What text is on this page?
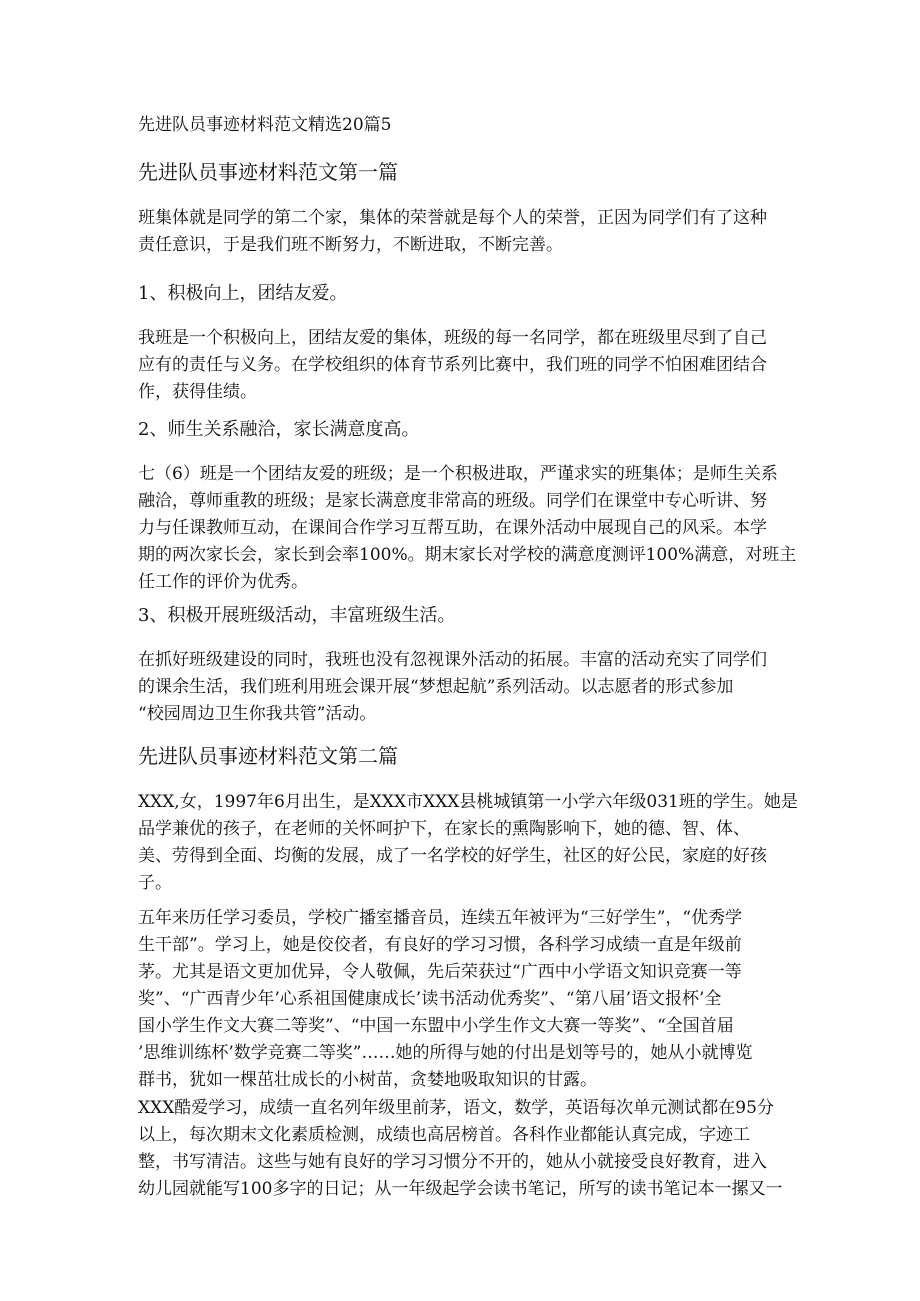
先进队员事迹材料范文精选20篇5
先进队员事迹材料范文第一篇
班集体就是同学的第二个家，集体的荣誉就是每个人的荣誉，正因为同学们有了这种
责任意识，于是我们班不断努力，不断进取，不断完善。
1、积极向上，团结友爱。
我班是一个积极向上，团结友爱的集体，班级的每一名同学，都在班级里尽到了自己
应有的责任与义务。在学校组织的体育节系列比赛中，我们班的同学不怕困难团结合
作，获得佳绩。
2、师生关系融洽，家长满意度高。
七（6）班是一个团结友爱的班级；是一个积极进取，严谨求实的班集体；是师生关系
融洽，尊师重教的班级；是家长满意度非常高的班级。同学们在课堂中专心听讲、努
力与任课教师互动，在课间合作学习互帮互助，在课外活动中展现自己的风采。本学
期的两次家长会，家长到会率100%。期末家长对学校的满意度测评100%满意，对班主
任工作的评价为优秀。
3、积极开展班级活动，丰富班级生活。
在抓好班级建设的同时，我班也没有忽视课外活动的拓展。丰富的活动充实了同学们
的课余生活，我们班利用班会课开展“梦想起航”系列活动。以志愿者的形式参加
“校园周边卫生你我共管”活动。
先进队员事迹材料范文第二篇
XXX,女，1997年6月出生，是XXX市XXX县桃城镇第一小学六年级031班的学生。她是
品学兼优的孩子，在老师的关怀呵护下，在家长的熏陶影响下，她的德、智、体、
美、劳得到全面、均衡的发展，成了一名学校的好学生，社区的好公民，家庭的好孩
子。
五年来历任学习委员，学校广播室播音员，连续五年被评为“三好学生”，“优秀学
生干部”。学习上，她是佼佼者，有良好的学习习惯，各科学习成绩一直是年级前
茅。尤其是语文更加优异，令人敬佩，先后荣获过“广西中小学语文知识竞赛一等
奖”、“广西青少年’心系祖国健康成长’读书活动优秀奖”、“第八届’语文报杯’全
国小学生作文大赛二等奖”、“中国一东盟中小学生作文大赛一等奖”、“全国首届
’思维训练杯’数学竞赛二等奖”……她的所得与她的付出是划等号的，她从小就博览
群书，犹如一棵茁壮成长的小树苗，贪婪地吸取知识的甘露。
XXX酷爱学习，成绩一直名列年级里前茅，语文，数学，英语每次单元测试都在95分
以上，每次期末文化素质检测，成绩也高居榜首。各科作业都能认真完成，字迹工
整，书写清洁。这些与她有良好的学习习惯分不开的，她从小就接受良好教育，进入
幼儿园就能写100多字的日记；从一年级起学会读书笔记，所写的读书笔记本一摞又一
